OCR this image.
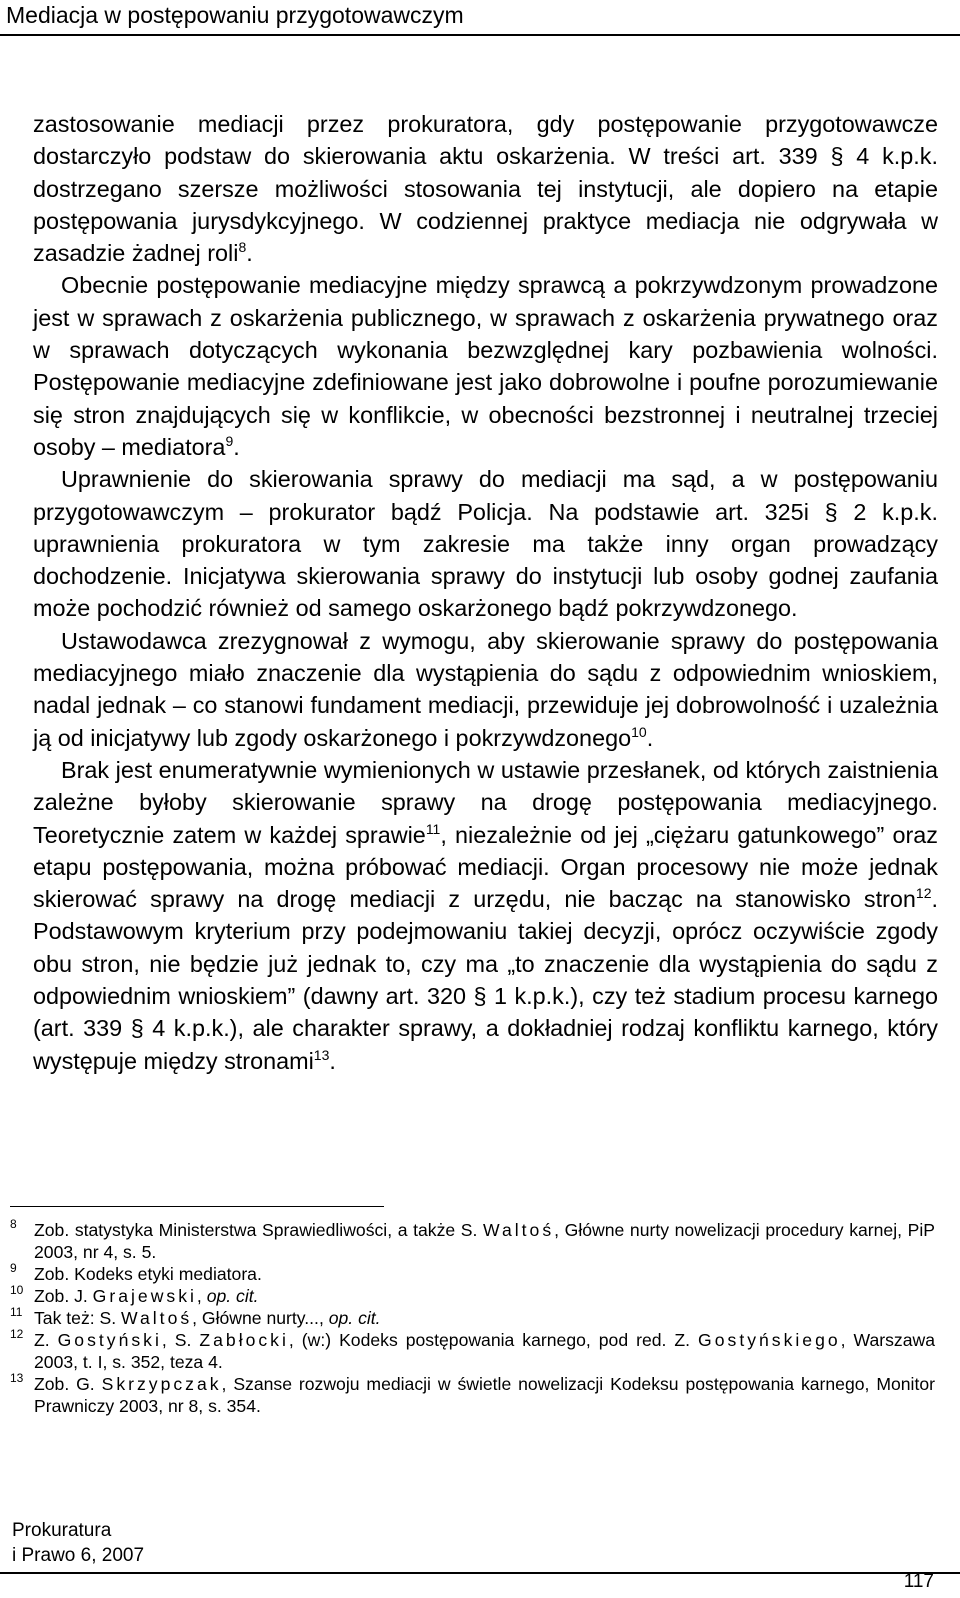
Mediacja w postępowaniu przygotowawczym

zastosowanie mediacji przez prokuratora, gdy postępowanie przygotowawcze dostarczyło podstaw do skierowania aktu oskarżenia. W treści art. 339 § 4 k.p.k. dostrzegano szersze możliwości stosowania tej instytucji, ale dopiero na etapie postępowania jurysdykcyjnego. W codziennej praktyce mediacja nie odgrywała w zasadzie żadnej roli$^8$.

Obecnie postępowanie mediacyjne między sprawcą a pokrzywdzonym prowadzone jest w sprawach z oskarżenia publicznego, w sprawach z oskarżenia prywatnego oraz w sprawach dotyczących wykonania bezwzględnej kary pozbawienia wolności. Postępowanie mediacyjne zdefiniowane jest jako dobrowolne i poufne porozumiewanie się stron znajdujących się w konflikcie, w obecności bezstronnej i neutralnej trzeciej osoby – mediatora$^9$.

Uprawnienie do skierowania sprawy do mediacji ma sąd, a w postępowaniu przygotowawczym – prokurator bądź Policja. Na podstawie art. 325i § 2 k.p.k. uprawnienia prokuratora w tym zakresie ma także inny organ prowadzący dochodzenie. Inicjatywa skierowania sprawy do instytucji lub osoby godnej zaufania może pochodzić również od samego oskarżonego bądź pokrzywdzonego.

Ustawodawca zrezygnował z wymogu, aby skierowanie sprawy do postępowania mediacyjnego miało znaczenie dla wystąpienia do sądu z odpowiednim wnioskiem, nadal jednak – co stanowi fundament mediacji, przewiduje jej dobrowolność i uzależnia ją od inicjatywy lub zgody oskarżonego i pokrzywdzonego$^{10}$.

Brak jest enumeratywnie wymienionych w ustawie przesłanek, od których zaistnienia zależne byłoby skierowanie sprawy na drogę postępowania mediacyjnego. Teoretycznie zatem w każdej sprawie$^{11}$, niezależnie od jej „ciężaru gatunkowego” oraz etapu postępowania, można próbować mediacji. Organ procesowy nie może jednak skierować sprawy na drogę mediacji z urzędu, nie bacząc na stanowisko stron$^{12}$. Podstawowym kryterium przy podejmowaniu takiej decyzji, oprócz oczywiście zgody obu stron, nie będzie już jednak to, czy ma „to znaczenie dla wystąpienia do sądu z odpowiednim wnioskiem” (dawny art. 320 § 1 k.p.k.), czy też stadium procesu karnego (art. 339 § 4 k.p.k.), ale charakter sprawy, a dokładniej rodzaj konfliktu karnego, który występuje między stronami$^{13}$.

8 Zob. statystyka Ministerstwa Sprawiedliwości, a także S. Waltoś, Główne nurty nowelizacji procedury karnej, PiP 2003, nr 4, s. 5.

9 Zob. Kodeks etyki mediatora.

10 Zob. J. Grajewski, op. cit.

11 Tak też: S. Waltoś, Główne nurty..., op. cit.

12 Z. Gostyński, S. Zabłocki, (w:) Kodeks postępowania karnego, pod red. Z. Gostyńskiego, Warszawa 2003, t. I, s. 352, teza 4.

13 Zob. G. Skrzypczak, Szanse rozwoju mediacji w świetle nowelizacji Kodeksu postępowania karnego, Monitor Prawniczy 2003, nr 8, s. 354.

Prokuratura
i Prawo 6, 2007
117
